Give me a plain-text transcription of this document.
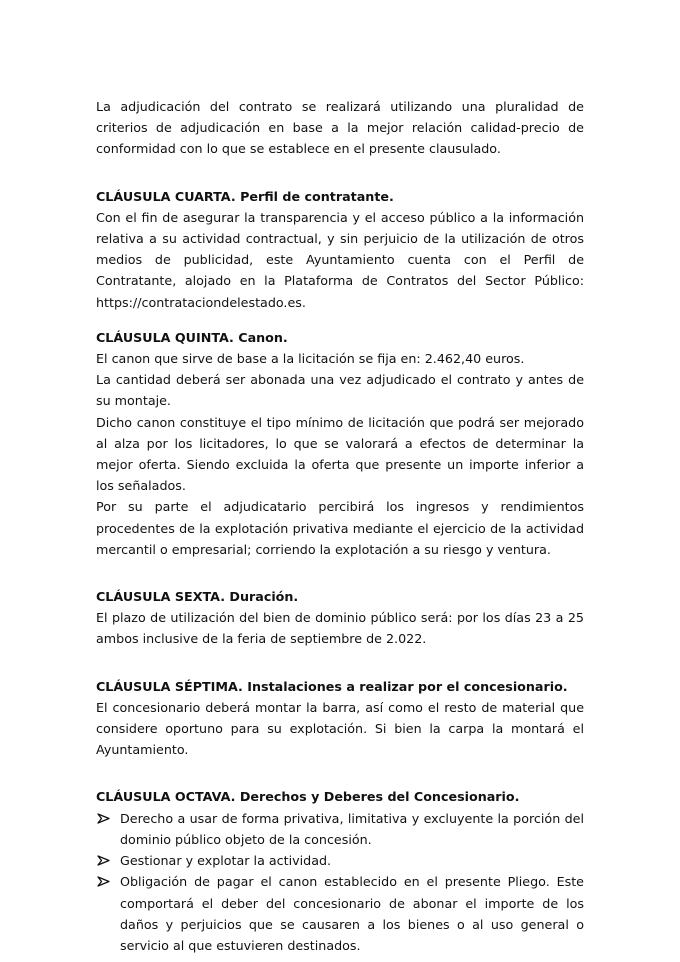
La adjudicación del contrato se realizará utilizando una pluralidad de criterios de adjudicación en base a la mejor relación calidad-precio de conformidad con lo que se establece en el presente clausulado.

CLÁUSULA CUARTA. Perfil de contratante.

Con el fin de asegurar la transparencia y el acceso público a la información relativa a su actividad contractual, y sin perjuicio de la utilización de otros medios de publicidad, este Ayuntamiento cuenta con el Perfil de Contratante, alojado en la Plataforma de Contratos del Sector Público: https://contrataciondelestado.es.

CLÁUSULA QUINTA. Canon.

El canon que sirve de base a la licitación se fija en: 2.462,40 euros.

La cantidad deberá ser abonada una vez adjudicado el contrato y antes de su montaje.

Dicho canon constituye el tipo mínimo de licitación que podrá ser mejorado al alza por los licitadores, lo que se valorará a efectos de determinar la mejor oferta. Siendo excluida la oferta que presente un importe inferior a los señalados.

Por su parte el adjudicatario percibirá los ingresos y rendimientos procedentes de la explotación privativa mediante el ejercicio de la actividad mercantil o empresarial; corriendo la explotación a su riesgo y ventura.

CLÁUSULA SEXTA. Duración.

El plazo de utilización del bien de dominio público será: por los días 23 a 25 ambos inclusive de la feria de septiembre de 2.022.

CLÁUSULA SÉPTIMA. Instalaciones a realizar por el concesionario.

El concesionario deberá montar la barra, así como el resto de material que considere oportuno para su explotación. Si bien la carpa la montará el Ayuntamiento.

CLÁUSULA OCTAVA. Derechos y Deberes del Concesionario.
Derecho a usar de forma privativa, limitativa y excluyente la porción del dominio público objeto de la concesión.
Gestionar y explotar la actividad.
Obligación de pagar el canon establecido en el presente Pliego. Este comportará el deber del concesionario de abonar el importe de los daños y perjuicios que se causaren a los bienes o al uso general o servicio al que estuvieren destinados.
